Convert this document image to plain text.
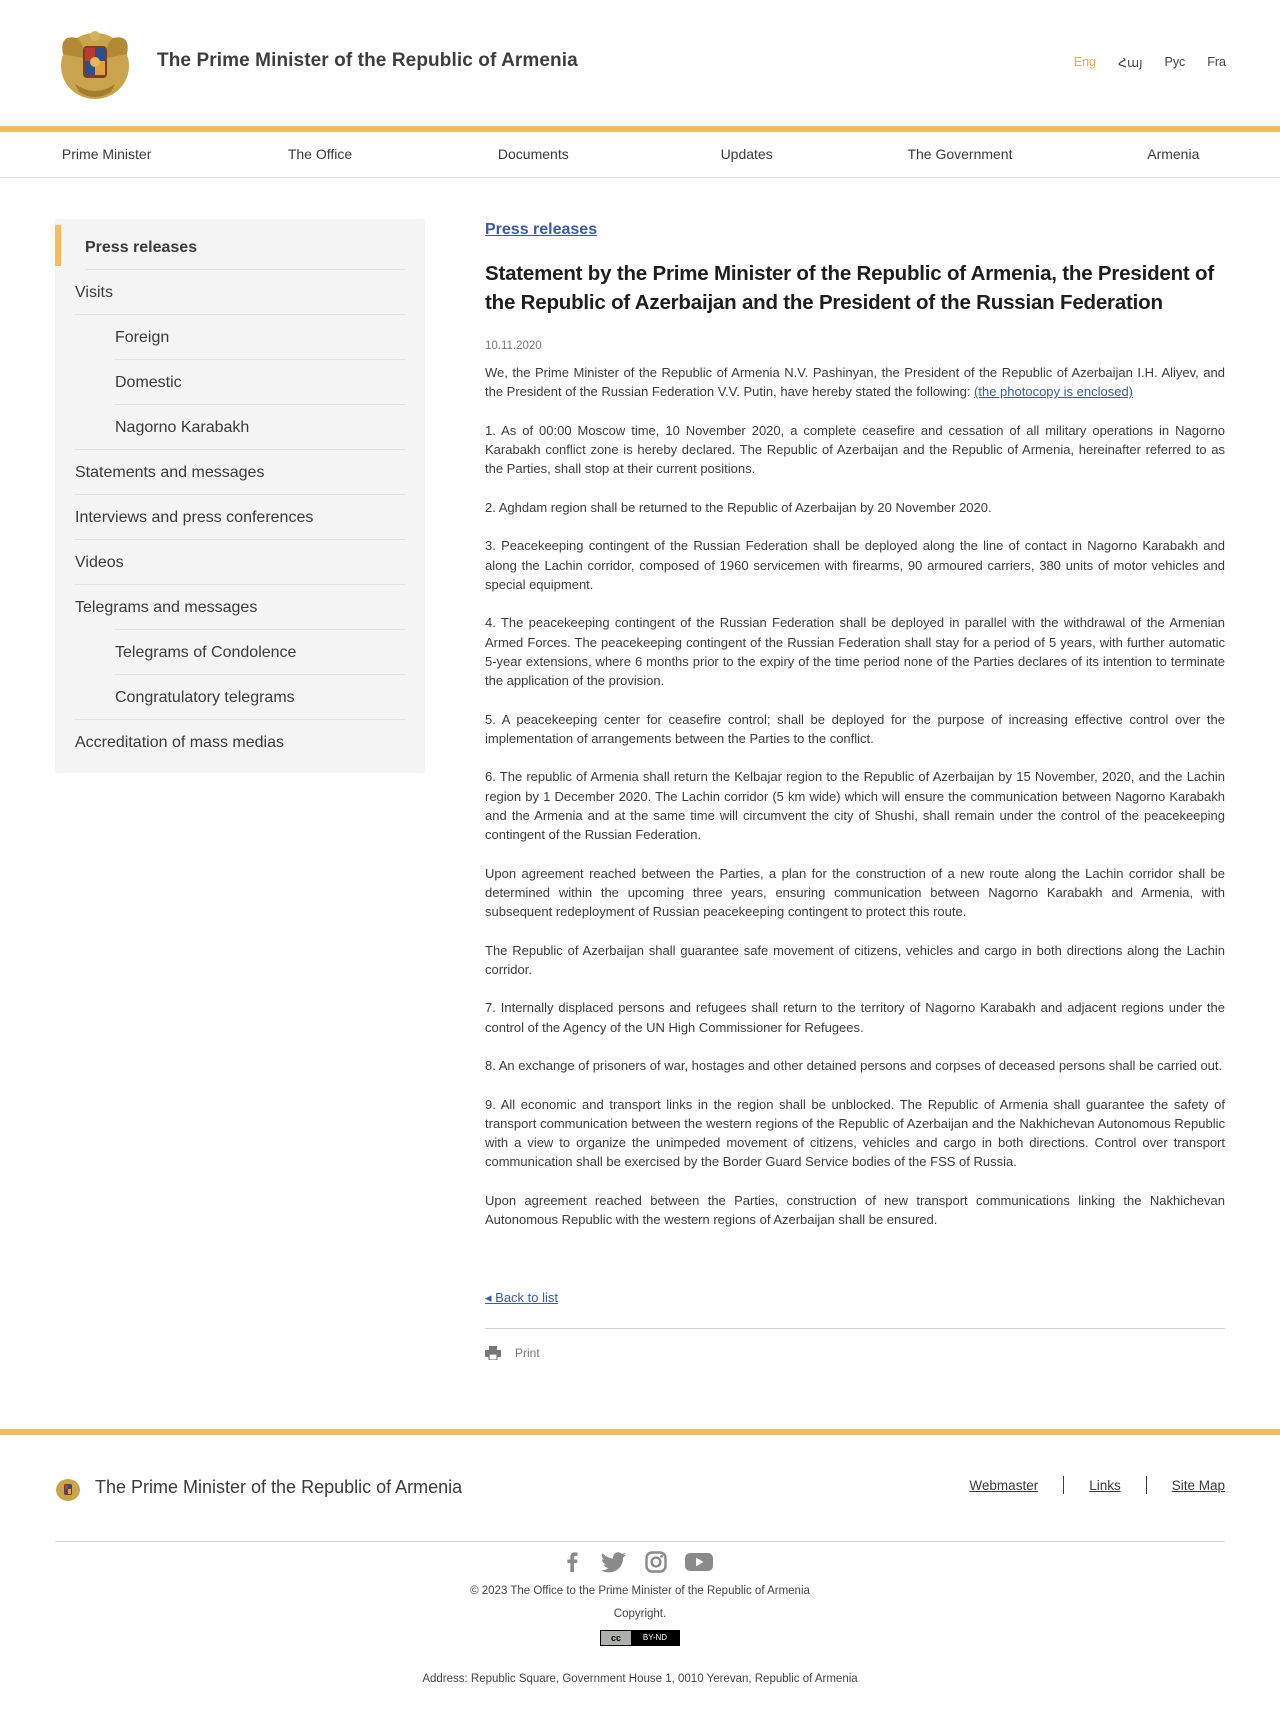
The Prime Minister of the Republic of Armenia	Eng Հայ Рус Fra
Prime Minister	The Office	Documents	Updates	The Government	Armenia
Press releases
Visits
Foreign
Domestic
Nagorno Karabakh
Statements and messages
Interviews and press conferences
Videos
Telegrams and messages
Telegrams of Condolence
Congratulatory telegrams
Accreditation of mass medias
Press releases
Statement by the Prime Minister of the Republic of Armenia, the President of the Republic of Azerbaijan and the President of the Russian Federation
10.11.2020

We, the Prime Minister of the Republic of Armenia N.V. Pashinyan, the President of the Republic of Azerbaijan I.H. Aliyev, and the President of the Russian Federation V.V. Putin, have hereby stated the following: (the photocopy is enclosed)

1. As of 00:00 Moscow time, 10 November 2020, a complete ceasefire and cessation of all military operations in Nagorno Karabakh conflict zone is hereby declared. The Republic of Azerbaijan and the Republic of Armenia, hereinafter referred to as the Parties, shall stop at their current positions.

2. Aghdam region shall be returned to the Republic of Azerbaijan by 20 November 2020.

3. Peacekeeping contingent of the Russian Federation shall be deployed along the line of contact in Nagorno Karabakh and along the Lachin corridor, composed of 1960 servicemen with firearms, 90 armoured carriers, 380 units of motor vehicles and special equipment.

4. The peacekeeping contingent of the Russian Federation shall be deployed in parallel with the withdrawal of the Armenian Armed Forces. The peacekeeping contingent of the Russian Federation shall stay for a period of 5 years, with further automatic 5-year extensions, where 6 months prior to the expiry of the time period none of the Parties declares of its intention to terminate the application of the provision.

5. A peacekeeping center for ceasefire control; shall be deployed for the purpose of increasing effective control over the implementation of arrangements between the Parties to the conflict.

6. The republic of Armenia shall return the Kelbajar region to the Republic of Azerbaijan by 15 November, 2020, and the Lachin region by 1 December 2020. The Lachin corridor (5 km wide) which will ensure the communication between Nagorno Karabakh and the Armenia and at the same time will circumvent the city of Shushi, shall remain under the control of the peacekeeping contingent of the Russian Federation.

Upon agreement reached between the Parties, a plan for the construction of a new route along the Lachin corridor shall be determined within the upcoming three years, ensuring communication between Nagorno Karabakh and Armenia, with subsequent redeployment of Russian peacekeeping contingent to protect this route.

The Republic of Azerbaijan shall guarantee safe movement of citizens, vehicles and cargo in both directions along the Lachin corridor.

7. Internally displaced persons and refugees shall return to the territory of Nagorno Karabakh and adjacent regions under the control of the Agency of the UN High Commissioner for Refugees.

8. An exchange of prisoners of war, hostages and other detained persons and corpses of deceased persons shall be carried out.

9. All economic and transport links in the region shall be unblocked. The Republic of Armenia shall guarantee the safety of transport communication between the western regions of the Republic of Azerbaijan and the Nakhichevan Autonomous Republic with a view to organize the unimpeded movement of citizens, vehicles and cargo in both directions. Control over transport communication shall be exercised by the Border Guard Service bodies of the FSS of Russia.

Upon agreement reached between the Parties, construction of new transport communications linking the Nakhichevan Autonomous Republic with the western regions of Azerbaijan shall be ensured.

◂ Back to list
Print
The Prime Minister of the Republic of Armenia	Webmaster	Links	Site Map
© 2023 The Office to the Prime Minister of the Republic of Armenia
Copyright.
cc	BY-ND
Address: Republic Square, Government House 1, 0010 Yerevan, Republic of Armenia
